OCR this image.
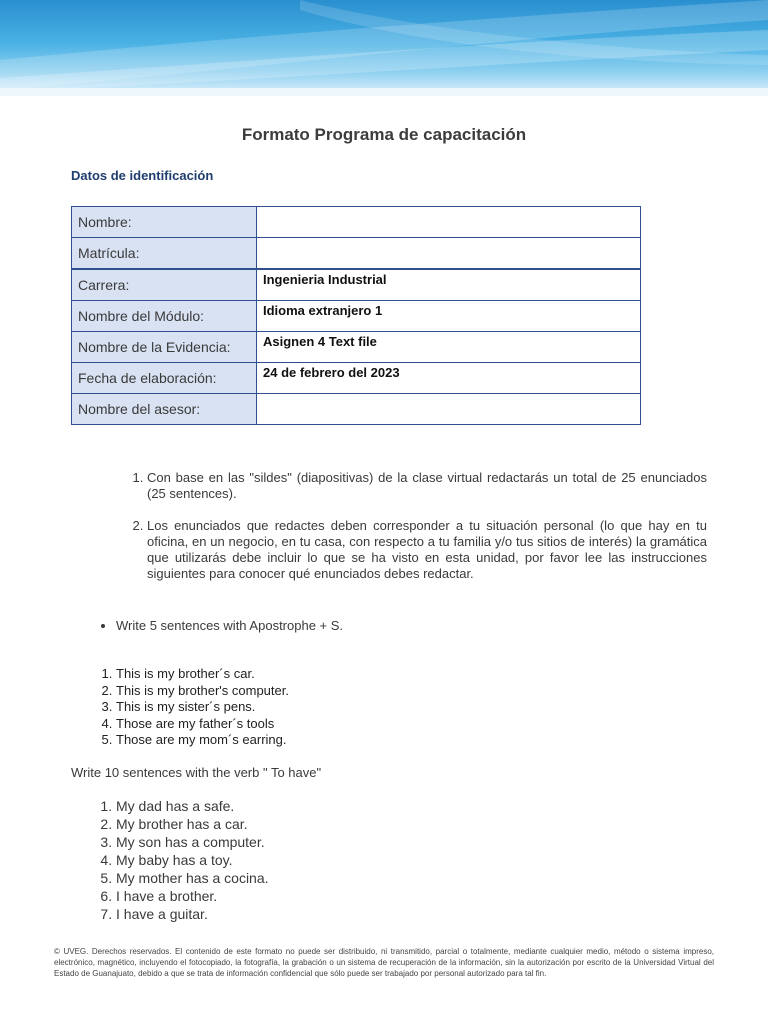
Formato Programa de capacitación
Datos de identificación
Nombre:	
Matrícula:	
Carrera:	Ingenieria Industrial
Nombre del Módulo:	Idioma extranjero 1
Nombre de la Evidencia:	Asignen 4 Text file
Fecha de elaboración:	24 de febrero del 2023
Nombre del asesor:	
1. Con base en las "sildes" (diapositivas) de la clase virtual redactarás un total de 25 enunciados (25 sentences).
2. Los enunciados que redactes deben corresponder a tu situación personal (lo que hay en tu oficina, en un negocio, en tu casa, con respecto a tu familia y/o tus sitios de interés) la gramática que utilizarás debe incluir lo que se ha visto en esta unidad, por favor lee las instrucciones siguientes para conocer qué enunciados debes redactar.
• Write 5 sentences with Apostrophe + S.
1. This is my brother´s car.
2. This is my brother's computer.
3. This is my sister´s pens.
4. Those are my father´s tools
5. Those are my mom´s earring.
Write 10 sentences with the verb " To have"
1. My dad has a safe.
2. My brother has a car.
3. My son has a computer.
4. My baby has a toy.
5. My mother has a cocina.
6. I have a brother.
7. I have a guitar.
© UVEG. Derechos reservados. El contenido de este formato no puede ser distribuido, ni transmitido, parcial o totalmente, mediante cualquier medio, método o sistema impreso, electrónico, magnético, incluyendo el fotocopiado, la fotografía, la grabación o un sistema de recuperación de la información, sin la autorización por escrito de la Universidad Virtual del Estado de Guanajuato, debido a que se trata de información confidencial que sólo puede ser trabajado por personal autorizado para tal fin.
